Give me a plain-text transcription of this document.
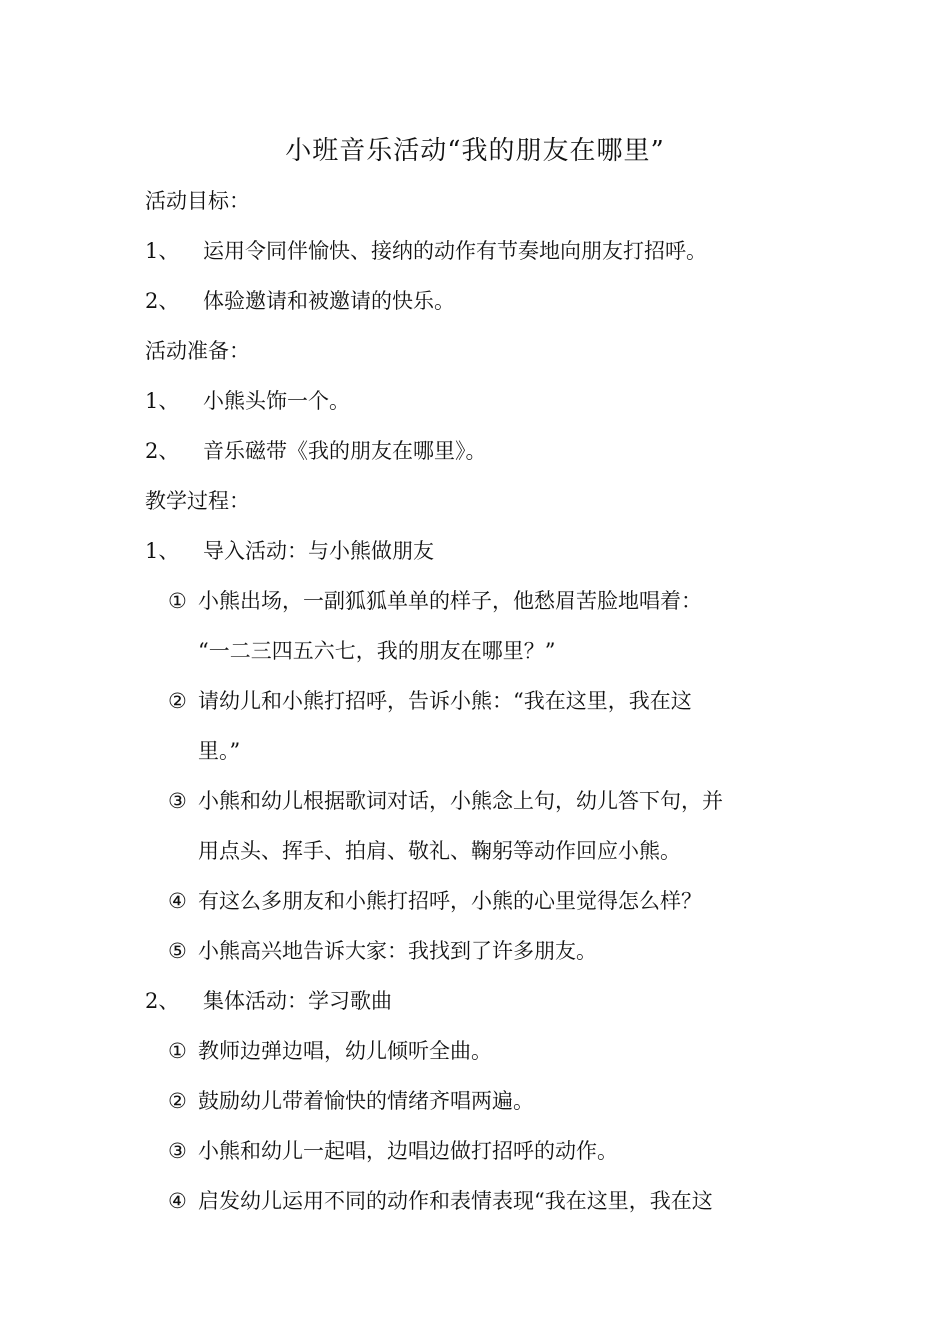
小班音乐活动“我的朋友在哪里”
活动目标：
1、 运用令同伴愉快、接纳的动作有节奏地向朋友打招呼。
2、 体验邀请和被邀请的快乐。
活动准备：
1、 小熊头饰一个。
2、 音乐磁带《我的朋友在哪里》。
教学过程：
1、 导入活动：与小熊做朋友
① 小熊出场，一副狐狐单单的样子，他愁眉苦脸地唱着：
“一二三四五六七，我的朋友在哪里？”
② 请幼儿和小熊打招呼，告诉小熊：“我在这里，我在这
里。”
③ 小熊和幼儿根据歌词对话，小熊念上句，幼儿答下句，并
用点头、挥手、拍肩、敬礼、鞠躬等动作回应小熊。
④ 有这么多朋友和小熊打招呼，小熊的心里觉得怎么样？
⑤ 小熊高兴地告诉大家：我找到了许多朋友。
2、 集体活动：学习歌曲
① 教师边弹边唱，幼儿倾听全曲。
② 鼓励幼儿带着愉快的情绪齐唱两遍。
③ 小熊和幼儿一起唱，边唱边做打招呼的动作。
④ 启发幼儿运用不同的动作和表情表现“我在这里，我在这
